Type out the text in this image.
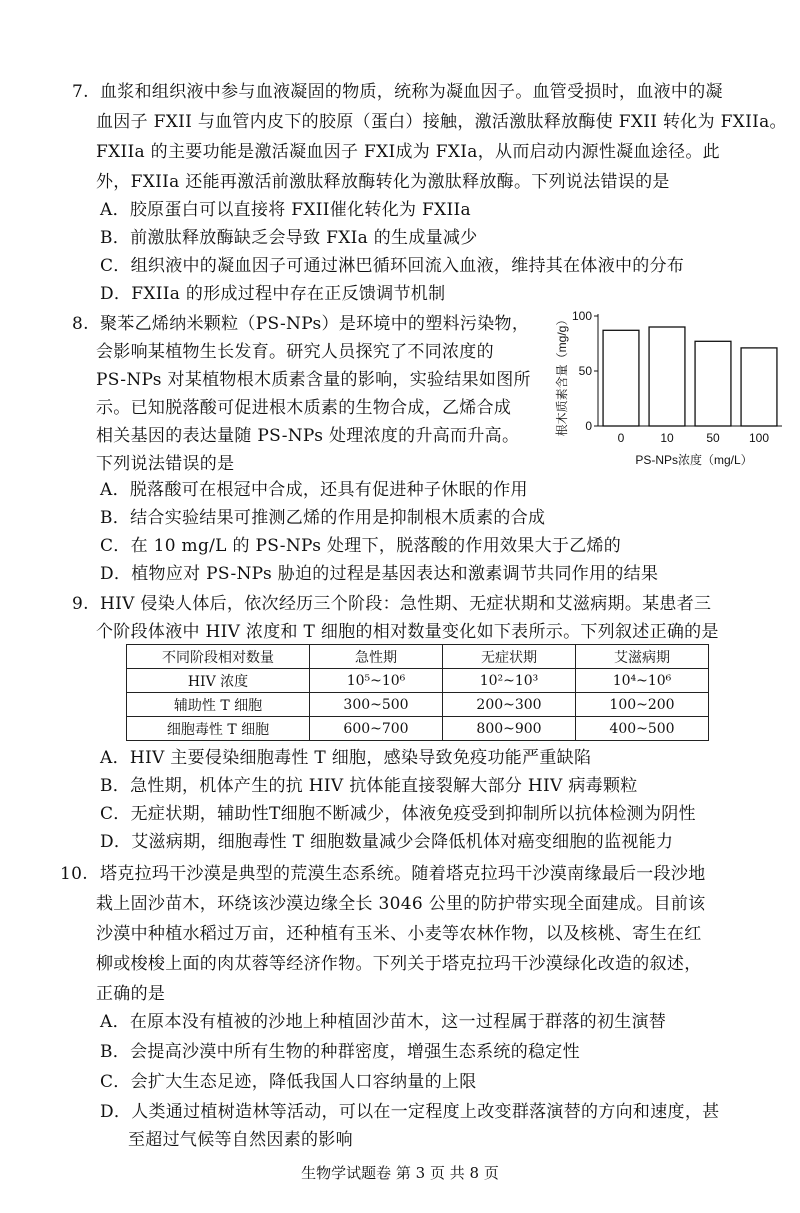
7. 血浆和组织液中参与血液凝固的物质，统称为凝血因子。血管受损时，血液中的凝
血因子 FXII 与血管内皮下的胶原（蛋白）接触，激活激肽释放酶使 FXII 转化为 FXIIa。
FXIIa 的主要功能是激活凝血因子 FXI成为 FXIa，从而启动内源性凝血途径。此
外，FXIIa 还能再激活前激肽释放酶转化为激肽释放酶。下列说法错误的是
A．胶原蛋白可以直接将 FXII催化转化为 FXIIa
B．前激肽释放酶缺乏会导致 FXIa 的生成量减少
C．组织液中的凝血因子可通过淋巴循环回流入血液，维持其在体液中的分布
D．FXIIa 的形成过程中存在正反馈调节机制
8. 聚苯乙烯纳米颗粒（PS-NPs）是环境中的塑料污染物，
会影响某植物生长发育。研究人员探究了不同浓度的
PS-NPs 对某植物根木质素含量的影响，实验结果如图所
示。已知脱落酸可促进根木质素的生物合成，乙烯合成
相关基因的表达量随 PS-NPs 处理浓度的升高而升高。
下列说法错误的是
根木质素含量（mg/g）
PS-NPs浓度（mg/L）
0
50
100
0	10	50 100
A．脱落酸可在根冠中合成，还具有促进种子休眠的作用
B．结合实验结果可推测乙烯的作用是抑制根木质素的合成
C．在 10 mg/L 的 PS-NPs 处理下，脱落酸的作用效果大于乙烯的
D．植物应对 PS-NPs 胁迫的过程是基因表达和激素调节共同作用的结果
9. HIV 侵染人体后，依次经历三个阶段：急性期、无症状期和艾滋病期。某患者三
个阶段体液中 HIV 浓度和 T 细胞的相对数量变化如下表所示。下列叙述正确的是
不同阶段相对数量	急性期	无症状期	艾滋病期
HIV 浓度	10⁵~10⁶	10²~10³	10⁴~10⁶
辅助性 T 细胞	300~500	200~300	100~200
细胞毒性 T 细胞	600~700	800~900	400~500
A．HIV 主要侵染细胞毒性 T 细胞，感染导致免疫功能严重缺陷
B．急性期，机体产生的抗 HIV 抗体能直接裂解大部分 HIV 病毒颗粒
C．无症状期，辅助性T细胞不断减少，体液免疫受到抑制所以抗体检测为阴性
D．艾滋病期，细胞毒性 T 细胞数量减少会降低机体对癌变细胞的监视能力
10. 塔克拉玛干沙漠是典型的荒漠生态系统。随着塔克拉玛干沙漠南缘最后一段沙地
栽上固沙苗木，环绕该沙漠边缘全长 3046 公里的防护带实现全面建成。目前该
沙漠中种植水稻过万亩，还种植有玉米、小麦等农林作物，以及核桃、寄生在红
柳或梭梭上面的肉苁蓉等经济作物。下列关于塔克拉玛干沙漠绿化改造的叙述，
正确的是
A．在原本没有植被的沙地上种植固沙苗木，这一过程属于群落的初生演替
B．会提高沙漠中所有生物的种群密度，增强生态系统的稳定性
C．会扩大生态足迹，降低我国人口容纳量的上限
D．人类通过植树造林等活动，可以在一定程度上改变群落演替的方向和速度，甚
至超过气候等自然因素的影响
生物学试题卷 第 3 页 共 8 页
